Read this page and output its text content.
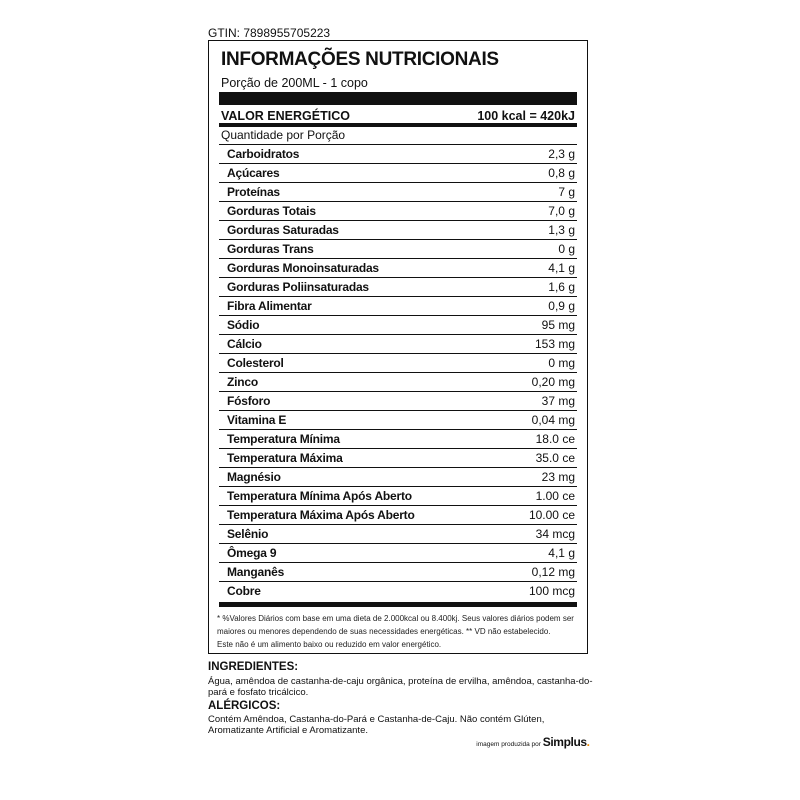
GTIN: 7898955705223
INFORMAÇÕES NUTRICIONAIS
Porção de 200ML - 1 copo
VALOR ENERGÉTICO	100 kcal = 420kJ
Quantidade por Porção
Carboidratos	2,3 g
Açúcares	0,8 g
Proteínas	7 g
Gorduras Totais	7,0 g
Gorduras Saturadas	1,3 g
Gorduras Trans	0 g
Gorduras Monoinsaturadas	4,1 g
Gorduras Poliinsaturadas	1,6 g
Fibra Alimentar	0,9 g
Sódio	95 mg
Cálcio	153 mg
Colesterol	0 mg
Zinco	0,20 mg
Fósforo	37 mg
Vitamina E	0,04 mg
Temperatura Mínima	18.0 ce
Temperatura Máxima	35.0 ce
Magnésio	23 mg
Temperatura Mínima Após Aberto	1.00 ce
Temperatura Máxima Após Aberto	10.00 ce
Selênio	34 mcg
Ômega 9	4,1 g
Manganês	0,12 mg
Cobre	100 mcg
* %Valores Diários com base em uma dieta de 2.000kcal ou 8.400kj. Seus valores diários podem ser maiores ou menores dependendo de suas necessidades energéticas. ** VD não estabelecido.
Este não é um alimento baixo ou reduzido em valor energético.
INGREDIENTES:
Água, amêndoa de castanha-de-caju orgânica, proteína de ervilha, amêndoa, castanha-do-pará e fosfato tricálcico.
ALÉRGICOS:
Contém Amêndoa, Castanha-do-Pará e Castanha-de-Caju. Não contém Glúten, Aromatizante Artificial e Aromatizante.
imagem produzida por Simplus.
